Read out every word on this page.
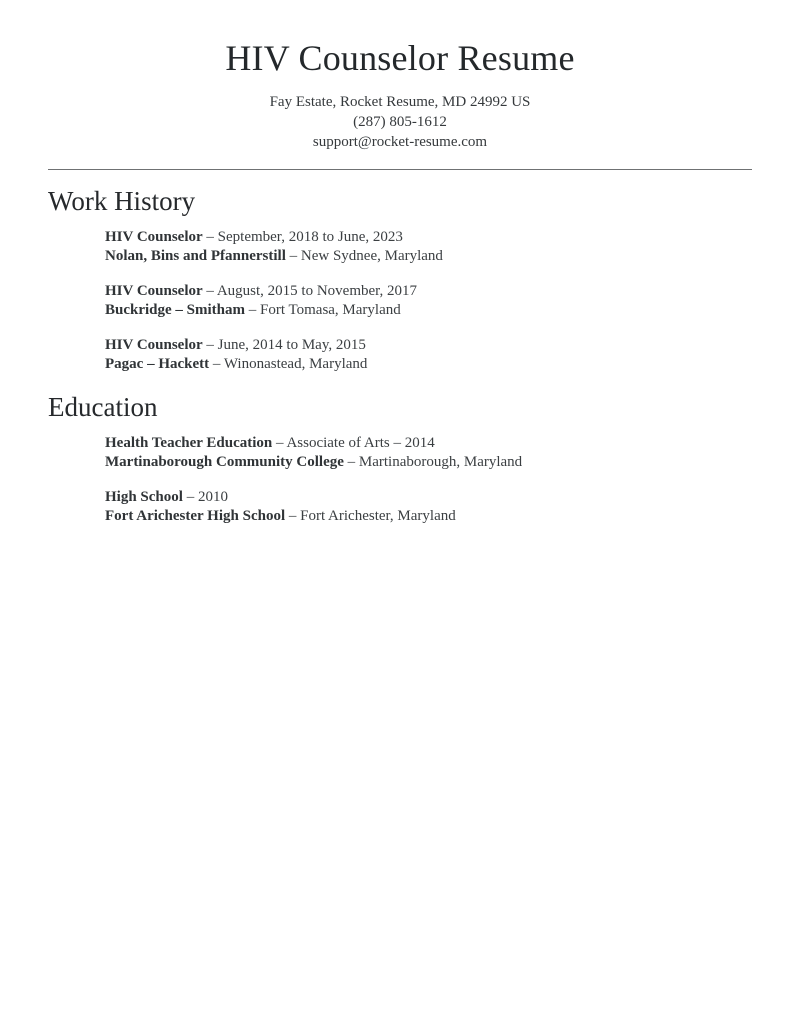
HIV Counselor Resume
Fay Estate, Rocket Resume, MD 24992 US
(287) 805-1612
support@rocket-resume.com
Work History
HIV Counselor – September, 2018 to June, 2023
Nolan, Bins and Pfannerstill – New Sydnee, Maryland
HIV Counselor – August, 2015 to November, 2017
Buckridge – Smitham – Fort Tomasa, Maryland
HIV Counselor – June, 2014 to May, 2015
Pagac – Hackett – Winonastead, Maryland
Education
Health Teacher Education – Associate of Arts – 2014
Martinaborough Community College – Martinaborough, Maryland
High School – 2010
Fort Arichester High School – Fort Arichester, Maryland
